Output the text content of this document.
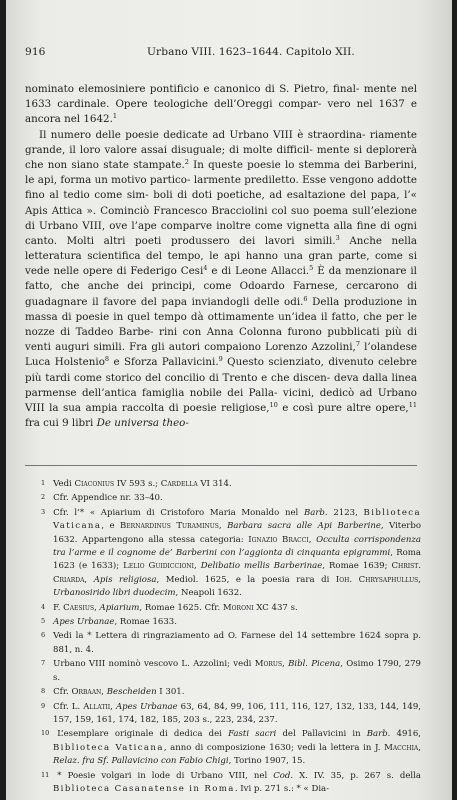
916	Urbano VIII. 1623–1644. Capitolo XII.

nominato elemosiniere pontificio e canonico di S. Pietro, final- mente nel 1633 cardinale. Opere teologiche dell’Oreggi compar- vero nel 1637 e ancora nel 1642.$^1$

Il numero delle poesie dedicate ad Urbano VIII è straordina- riamente grande, il loro valore assai disuguale; di molte difficil- mente si deplorerà che non siano state stampate.$^2$ In queste poesie lo stemma dei Barberini, le api, forma un motivo partico- larmente prediletto. Esse vengono addotte fino al tedio come sim- boli di doti poetiche, ad esaltazione del papa, l’« Apis Attica ». Cominciò Francesco Bracciolini col suo poema sull’elezione di Urbano VIII, ove l’ape comparve inoltre come vignetta alla fine di ogni canto. Molti altri poeti produssero dei lavori simili.$^3$ Anche nella letteratura scientifica del tempo, le api hanno una gran parte, come si vede nelle opere di Federigo Cesi$^4$ e di Leone Allacci.$^5$ È da menzionare il fatto, che anche dei principi, come Odoardo Farnese, cercarono di guadagnare il favore del papa inviandogli delle odi.$^6$ Della produzione in massa di poesie in quel tempo dà ottimamente un’idea il fatto, che per le nozze di Taddeo Barbe- rini con Anna Colonna furono pubblicati più di venti auguri simili. Fra gli autori compaiono Lorenzo Azzolini,$^7$ l’olandese Luca Holstenio$^8$ e Sforza Pallavicini.$^9$ Questo scienziato, divenuto celebre più tardi come storico del concilio di Trento e che discen- deva dalla linea parmense dell’antica famiglia nobile dei Palla- vicini, dedicò ad Urbano VIII la sua ampia raccolta di poesie religiose,$^{10}$ e così pure altre opere,$^{11}$ fra cui 9 libri De universa theo-

1 Vedi Ciaconius IV 593 s.; Cardella VI 314.
2 Cfr. Appendice nr. 33–40.
3 Cfr. l’* « Apiarium di Cristoforo Maria Monaldo nel Barb. 2123, Biblioteca Vaticana, e Bernardinus Turaminus, Barbara sacra alle Api Barberine, Viterbo 1632. Appartengono alla stessa categoria: Ignazio Bracci, Occulta corrispondenza tra l’arme e il cognome de’ Barberini con l’aggionta di cinquanta epigrammi, Roma 1623 (e 1633); Lelio Guidiccioni, Delibatio mellis Barberinae, Romae 1639; Christ. Criarda, Apis religiosa, Mediol. 1625, e la poesia rara di Ioh. Chrysaphullus, Urbanosirido libri duodecim, Neapoli 1632.
4 F. Caesius, Apiarium, Romae 1625. Cfr. Moroni XC 437 s.
5 Apes Urbanae, Romae 1633.
6 Vedi la * Lettera di ringraziamento ad O. Farnese del 14 settembre 1624 sopra p. 881, n. 4.
7 Urbano VIII nominò vescovo L. Azzolini; vedi Morus, Bibl. Picena, Osimo 1790, 279 s.
8 Cfr. Orbaan, Bescheiden I 301.
9 Cfr. L. Allatii, Apes Urbanae 63, 64, 84, 99, 106, 111, 116, 127, 132, 133, 144, 149, 157, 159, 161, 174, 182, 185, 203 s., 223, 234, 237.
10 L’esemplare originale di dedica dei Fasti sacri del Pallavicini in Barb. 4916, Biblioteca Vaticana, anno di composizione 1630; vedi la lettera in J. Macchia, Relaz. fra Sf. Pallavicino con Fabio Chigi, Torino 1907, 15.
11 * Poesie volgari in lode di Urbano VIII, nel Cod. X. IV. 35, p. 267 s. della Biblioteca Casanatense in Roma. Ivi p. 271 s.: * « Dia-
